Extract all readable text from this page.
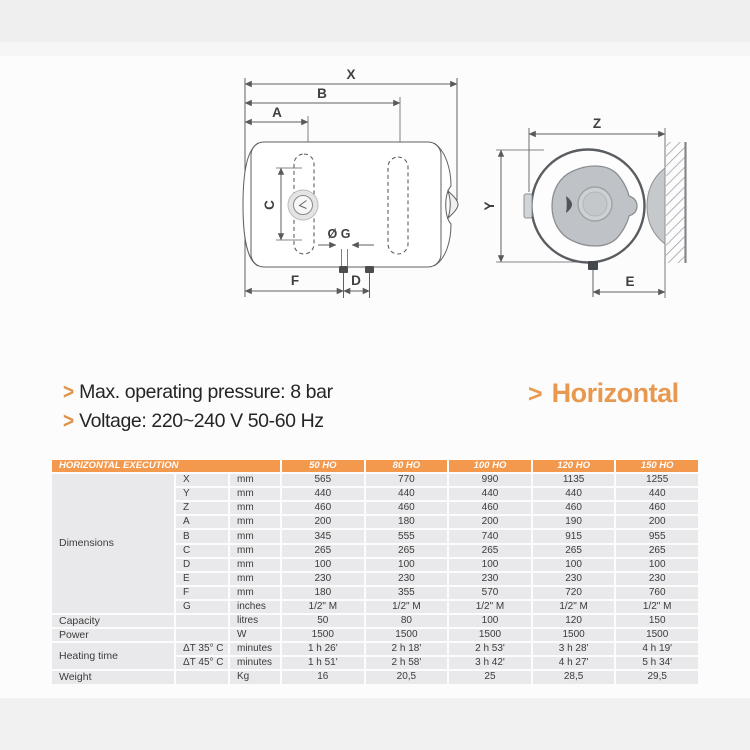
X
B
A
C
Ø G
F	D
Z
Y
E
> Max. operating pressure: 8 bar
> Voltage: 220~240 V 50-60 Hz
> Horizontal
HORIZONTAL EXECUTION	50 HO	80 HO	100 HO	120 HO	150 HO
Dimensions
X	mm	565	770	990	1135	1255
Y	mm	440	440	440	440	440
Z	mm	460	460	460	460	460
A	mm	200	180	200	190	200
B	mm	345	555	740	915	955
C	mm	265	265	265	265	265
D	mm	100	100	100	100	100
E	mm	230	230	230	230	230
F	mm	180	355	570	720	760
G	inches	1/2" M	1/2" M	1/2" M	1/2" M	1/2" M
Capacity	litres	50	80	100	120	150
Power	W	1500	1500	1500	1500	1500
Heating time
ΔT 35° C	minutes	1 h 26'	2 h 18'	2 h 53'	3 h 28'	4 h 19'
ΔT 45° C	minutes	1 h 51'	2 h 58'	3 h 42'	4 h 27'	5 h 34'
Weight	Kg	16	20,5	25	28,5	29,5
